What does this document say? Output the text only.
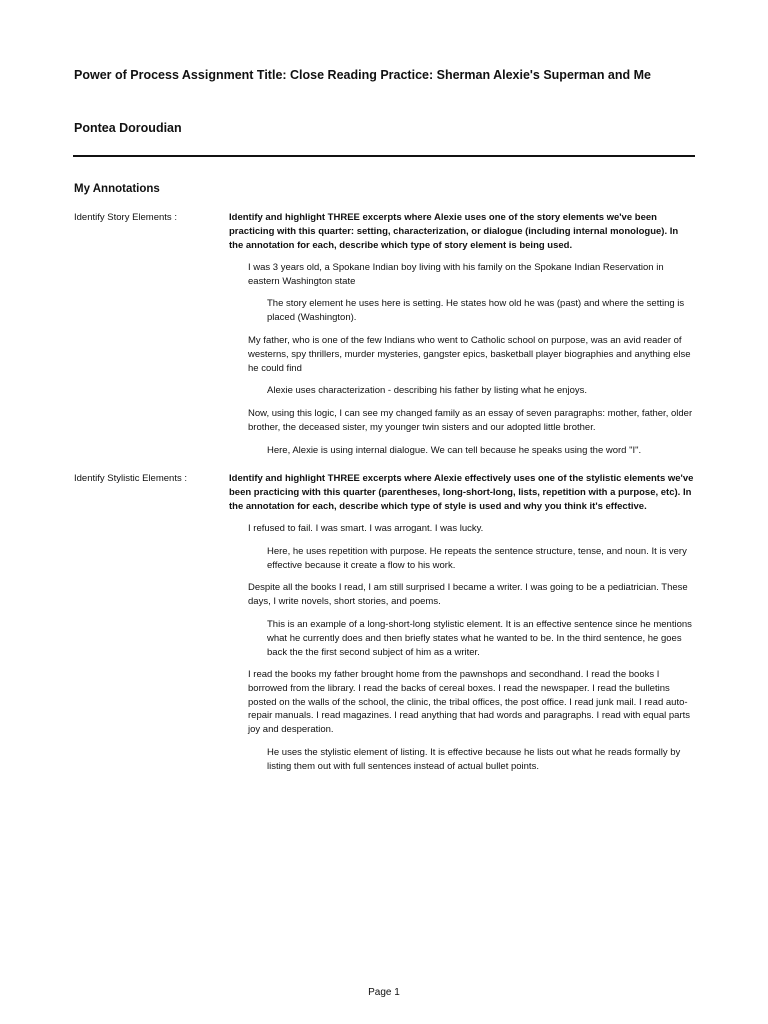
Power of Process Assignment Title: Close Reading Practice: Sherman Alexie's Superman and Me
Pontea Doroudian
My Annotations
Identify Story Elements :	Identify and highlight THREE excerpts where Alexie uses one of the story elements we've been practicing with this quarter: setting, characterization, or dialogue (including internal monologue). In the annotation for each, describe which type of story element is being used.
I was 3 years old, a Spokane Indian boy living with his family on the Spokane Indian Reservation in eastern Washington state
The story element he uses here is setting. He states how old he was (past) and where the setting is placed (Washington).
My father, who is one of the few Indians who went to Catholic school on purpose, was an avid reader of westerns, spy thrillers, murder mysteries, gangster epics, basketball player biographies and anything else he could find
Alexie uses characterization - describing his father by listing what he enjoys.
Now, using this logic, I can see my changed family as an essay of seven paragraphs: mother, father, older brother, the deceased sister, my younger twin sisters and our adopted little brother.
Here, Alexie is using internal dialogue. We can tell because he speaks using the word "I".
Identify Stylistic Elements :	Identify and highlight THREE excerpts where Alexie effectively uses one of the stylistic elements we've been practicing with this quarter (parentheses, long-short-long, lists, repetition with a purpose, etc). In the annotation for each, describe which type of style is used and why you think it's effective.
I refused to fail. I was smart. I was arrogant. I was lucky.
Here, he uses repetition with purpose. He repeats the sentence structure, tense, and noun. It is very effective because it create a flow to his work.
Despite all the books I read, I am still surprised I became a writer. I was going to be a pediatrician. These days, I write novels, short stories, and poems.
This is an example of a long-short-long stylistic element. It is an effective sentence since he mentions what he currently does and then briefly states what he wanted to be. In the third sentence, he goes back the the first second subject of him as a writer.
I read the books my father brought home from the pawnshops and secondhand. I read the books I borrowed from the library. I read the backs of cereal boxes. I read the newspaper. I read the bulletins posted on the walls of the school, the clinic, the tribal offices, the post office. I read junk mail. I read auto-repair manuals. I read magazines. I read anything that had words and paragraphs. I read with equal parts joy and desperation.
He uses the stylistic element of listing. It is effective because he lists out what he reads formally by listing them out with full sentences instead of actual bullet points.
Page 1
